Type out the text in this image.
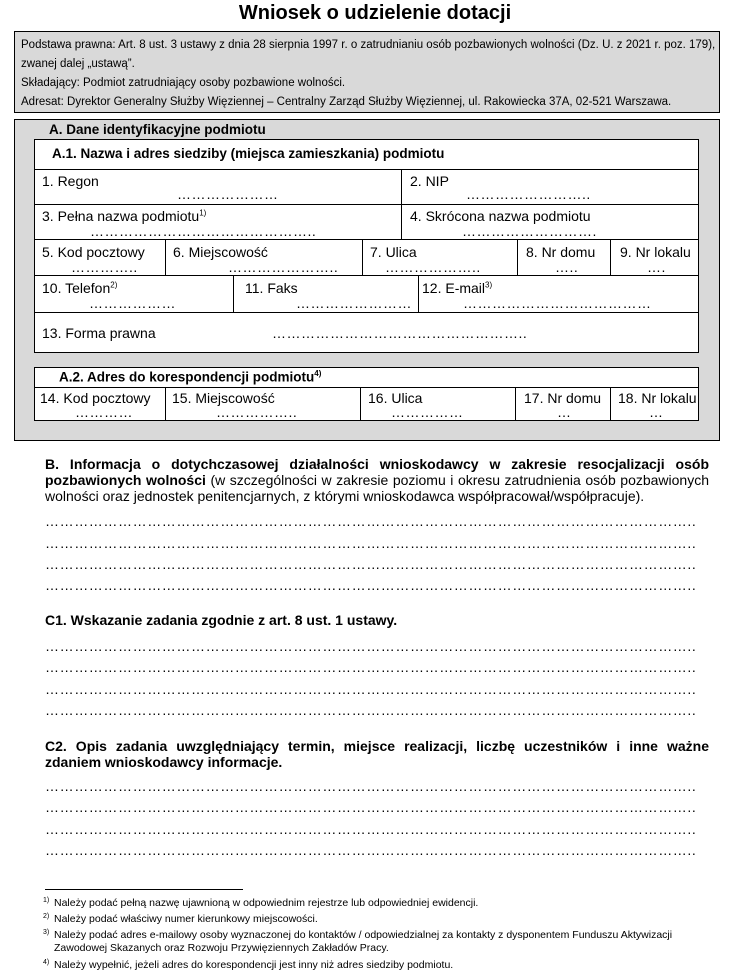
Wniosek o udzielenie dotacji
Podstawa prawna: Art. 8 ust. 3 ustawy z dnia 28 sierpnia 1997 r. o zatrudnianiu osób pozbawionych wolności (Dz. U. z 2021 r. poz. 179),
zwanej dalej „ustawą”.
Składający: Podmiot zatrudniający osoby pozbawione wolności.
Adresat: Dyrektor Generalny Służby Więziennej – Centralny Zarząd Służby Więziennej, ul. Rakowiecka 37A, 02-521 Warszawa.
A. Dane identyfikacyjne podmiotu
A.1. Nazwa i adres siedziby (miejsca zamieszkania) podmiotu
1. Regon
…………………
2. NIP
……………………..
3. Pełna nazwa podmiotu$^{1)}$
………………………………………..
4. Skrócona nazwa podmiotu
……………………….
5. Kod pocztowy
…………..
6. Miejscowość
…………………..
7. Ulica
………………..
8. Nr domu
…..
9. Nr lokalu
….
10. Telefon$^{2)}$
………………
11. Faks
……………………
12. E-mail$^{3)}$
…………………………………
13. Forma prawna	……………………………………………..
A.2. Adres do korespondencji podmiotu$^{4)}$
14. Kod pocztowy
…………
15. Miejscowość
……………..
16. Ulica
……………
17. Nr domu
…
18. Nr lokalu
…
B. Informacja o dotychczasowej działalności wnioskodawcy w zakresie resocjalizacji osób pozbawionych wolności (w szczególności w zakresie poziomu i okresu zatrudnienia osób pozbawionych wolności oraz jednostek penitencjarnych, z którymi wnioskodawca współpracował/współpracuje).
……………………………………………………………………………………………………………………..
……………………………………………………………………………………………………………………..
……………………………………………………………………………………………………………………..
……………………………………………………………………………………………………………………..
C1. Wskazanie zadania zgodnie z art. 8 ust. 1 ustawy.
……………………………………………………………………………………………………………………..
……………………………………………………………………………………………………………………..
……………………………………………………………………………………………………………………..
……………………………………………………………………………………………………………………..
C2. Opis zadania uwzględniający termin, miejsce realizacji, liczbę uczestników i inne ważne zdaniem wnioskodawcy informacje.
……………………………………………………………………………………………………………………..
……………………………………………………………………………………………………………………..
……………………………………………………………………………………………………………………..
……………………………………………………………………………………………………………………..
1) Należy podać pełną nazwę ujawnioną w odpowiednim rejestrze lub odpowiedniej ewidencji.
2) Należy podać właściwy numer kierunkowy miejscowości.
3) Należy podać adres e-mailowy osoby wyznaczonej do kontaktów / odpowiedzialnej za kontakty z dysponentem Funduszu Aktywizacji Zawodowej Skazanych oraz Rozwoju Przywięziennych Zakładów Pracy.
4) Należy wypełnić, jeżeli adres do korespondencji jest inny niż adres siedziby podmiotu.
